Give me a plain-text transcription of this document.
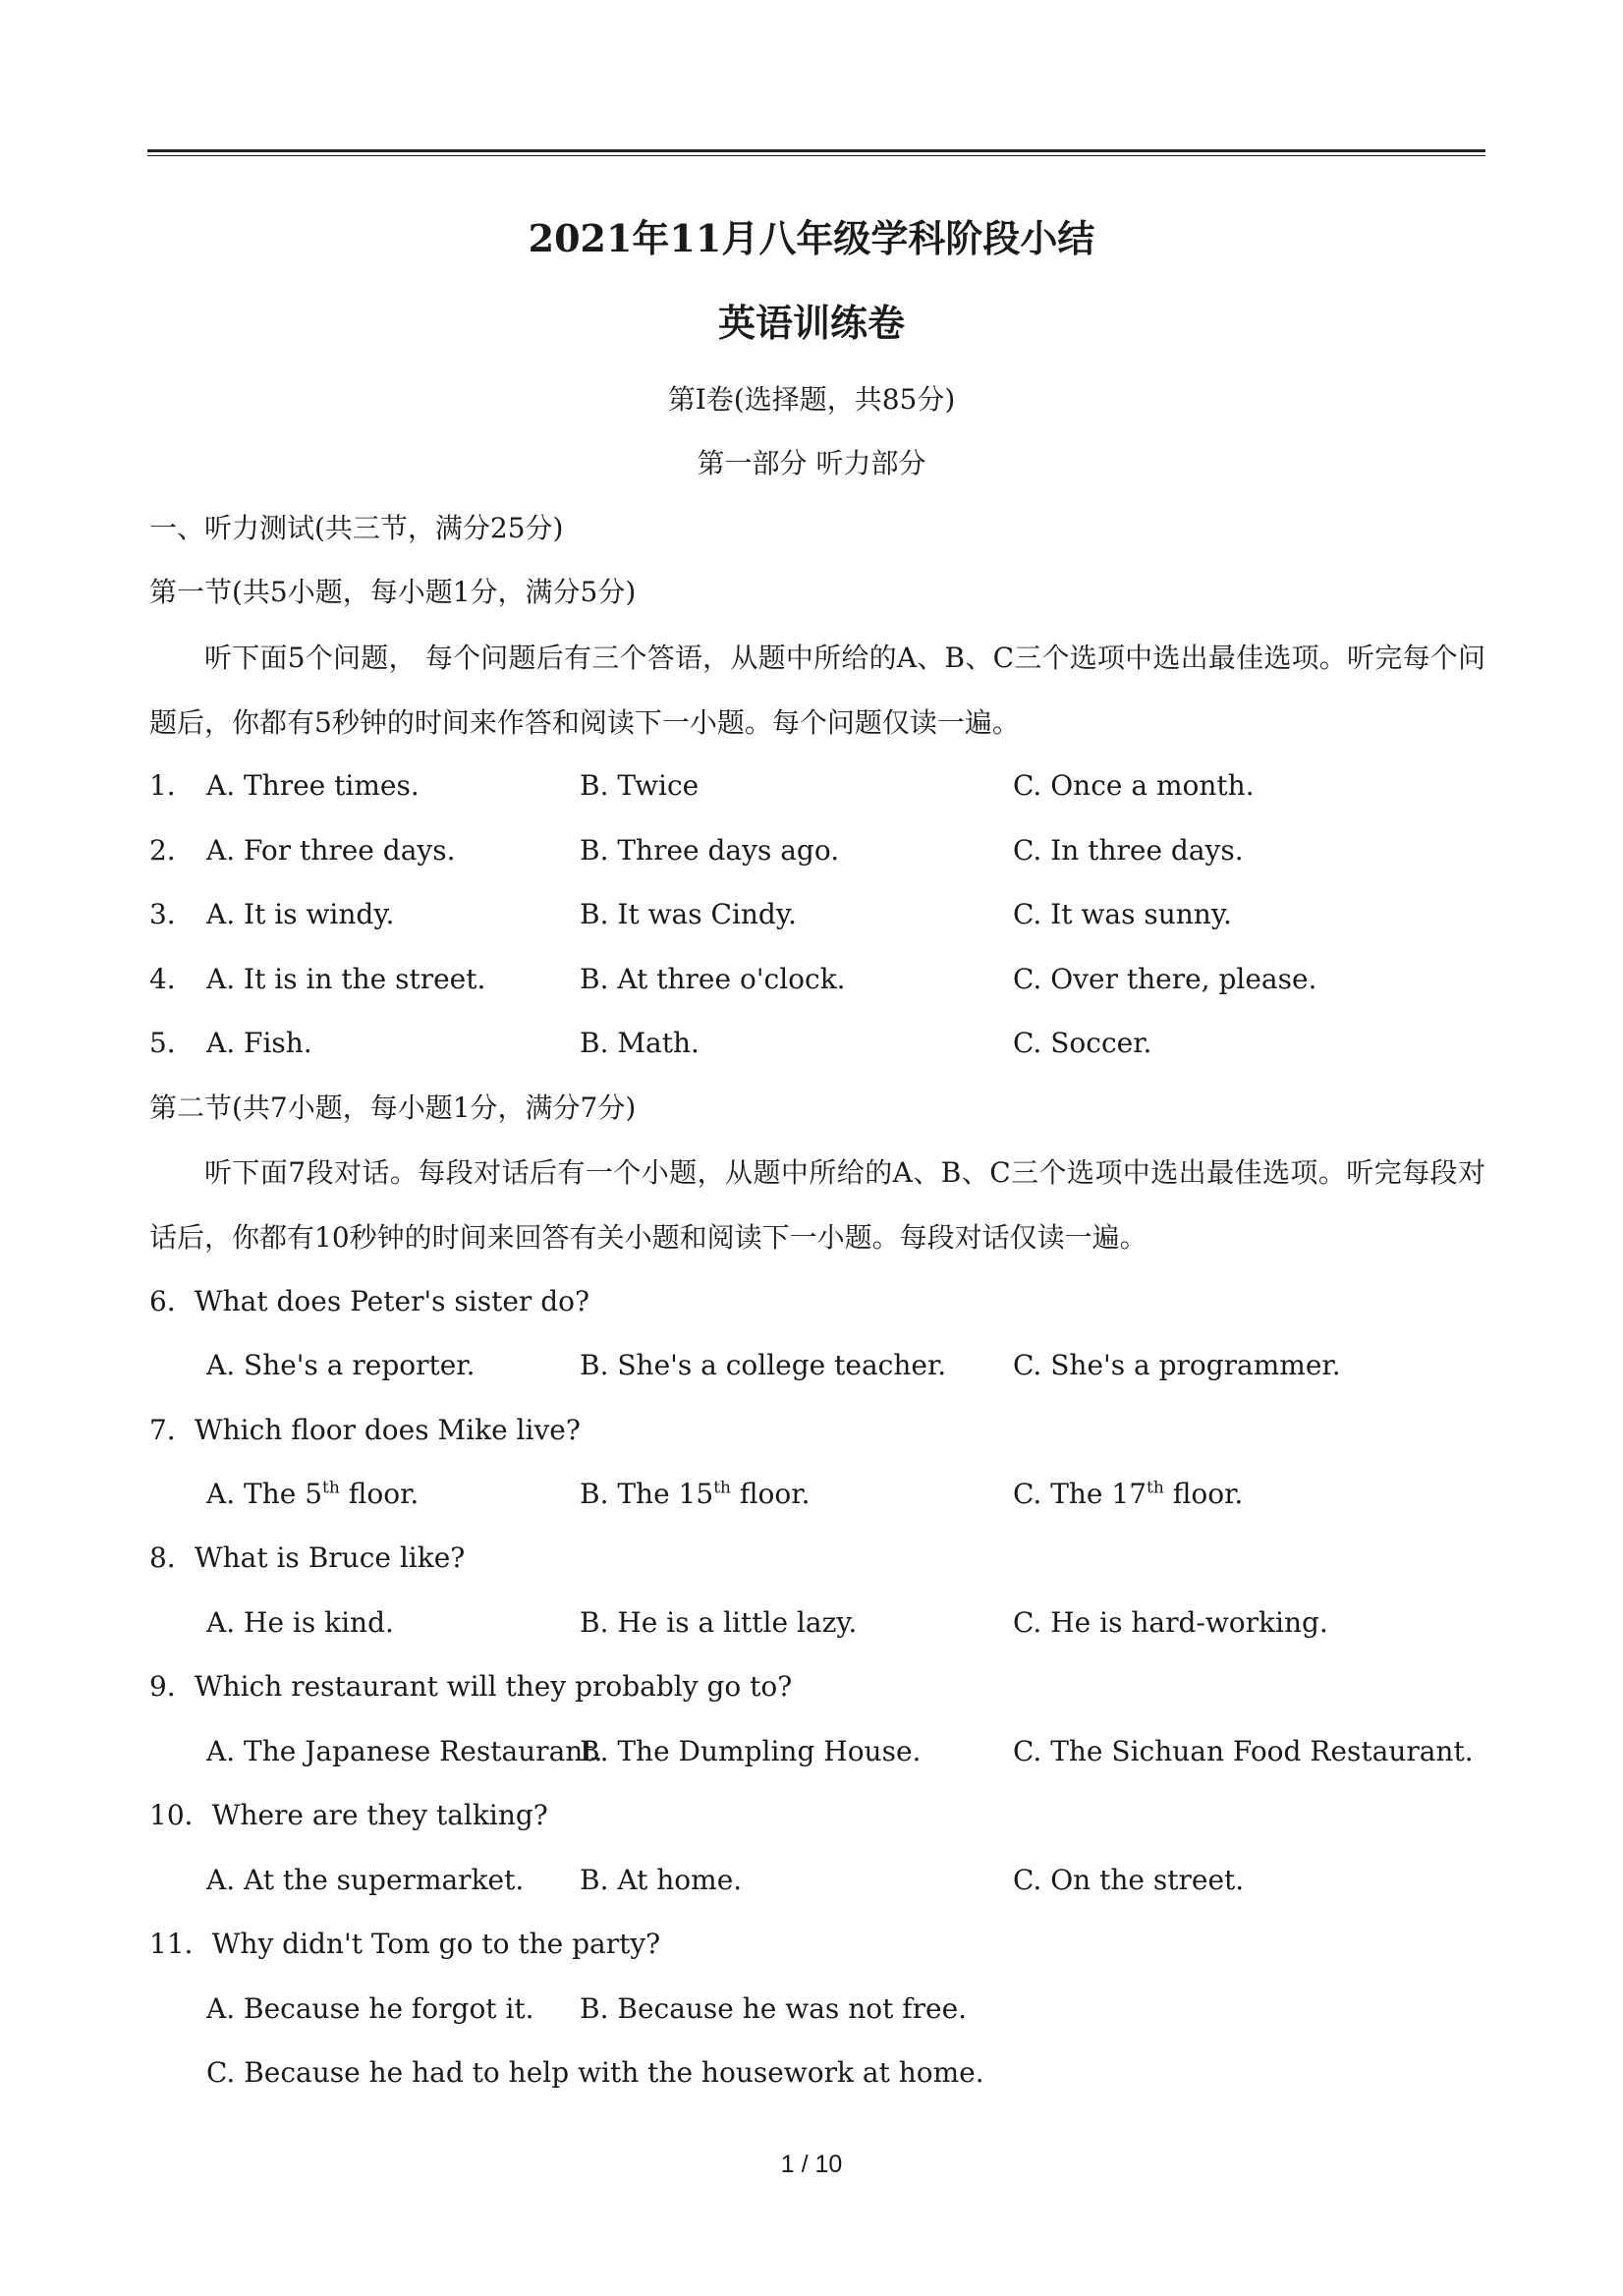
2021年11月八年级学科阶段小结
英语训练卷
第Ⅰ卷(选择题，共85分)
第一部分 听力部分
一、听力测试(共三节，满分25分)
第一节(共5小题，每小题1分，满分5分)
听下面5个问题， 每个问题后有三个答语，从题中所给的A、B、C三个选项中选出最佳选项。听完每个问题后，你都有5秒钟的时间来作答和阅读下一小题。每个问题仅读一遍。
1． A. Three times.	B. Twice	C. Once a month.
2． A. For three days.	B. Three days ago.	C. In three days.
3． A. It is windy.	B. It was Cindy.	C. It was sunny.
4． A. It is in the street.	B. At three o'clock.	C. Over there, please.
5． A. Fish.	B. Math.	C. Soccer.
第二节(共7小题，每小题1分，满分7分)
听下面7段对话。每段对话后有一个小题，从题中所给的A、B、C三个选项中选出最佳选项。听完每段对话后，你都有10秒钟的时间来回答有关小题和阅读下一小题。每段对话仅读一遍。
6．What does Peter's sister do?
A. She's a reporter.	B. She's a college teacher. C. She's a programmer.
7．Which floor does Mike live?
A. The 5th floor.	B. The 15th floor.	C. The 17th floor.
8．What is Bruce like?
A. He is kind.	B. He is a little lazy.	C. He is hard-working.
9．Which restaurant will they probably go to?
A. The Japanese Restaurant.
B. The Dumpling House.	C. The Sichuan Food Restaurant.
10．Where are they talking?
A. At the supermarket. B. At home.	C. On the street.
11．Why didn't Tom go to the party?
A. Because he forgot it. B. Because he was not free.
C. Because he had to help with the housework at home.
1 / 10
